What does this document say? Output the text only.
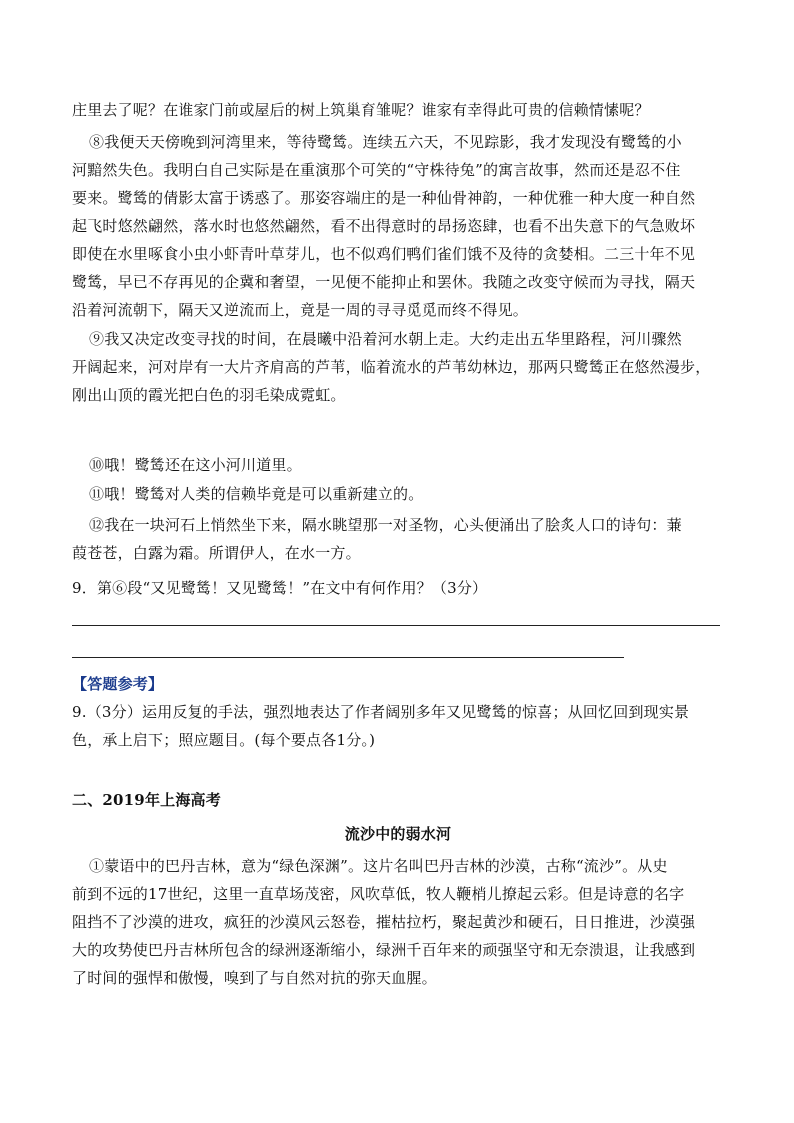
庄里去了呢？在谁家门前或屋后的树上筑巢育雏呢？谁家有幸得此可贵的信赖情愫呢？
⑧我便天天傍晚到河湾里来，等待鹭鸶。连续五六天，不见踪影，我才发现没有鹭鸶的小
河黯然失色。我明白自己实际是在重演那个可笑的“守株待兔”的寓言故事，然而还是忍不住
要来。鹭鸶的倩影太富于诱惑了。那姿容端庄的是一种仙骨神韵，一种优雅一种大度一种自然
起飞时悠然翩然，落水时也悠然翩然，看不出得意时的昂扬恣肆，也看不出失意下的气急败坏
即使在水里啄食小虫小虾青叶草芽儿，也不似鸡们鸭们雀们饿不及待的贪婪相。二三十年不见
鹭鸶，早已不存再见的企冀和奢望，一见便不能抑止和罢休。我随之改变守候而为寻找，隔天
沿着河流朝下，隔天又逆流而上，竟是一周的寻寻觅觅而终不得见。
⑨我又决定改变寻找的时间，在晨曦中沿着河水朝上走。大约走出五华里路程，河川骤然
开阔起来，河对岸有一大片齐肩高的芦苇，临着流水的芦苇幼林边，那两只鹭鸶正在悠然漫步，
刚出山顶的霞光把白色的羽毛染成霓虹。
⑩哦！鹭鸶还在这小河川道里。
⑪哦！鹭鸶对人类的信赖毕竟是可以重新建立的。
⑫我在一块河石上悄然坐下来，隔水眺望那一对圣物，心头便涌出了脍炙人口的诗句：蒹
葭苍苍，白露为霜。所谓伊人，在水一方。
9．第⑥段“又见鹭鸶！又见鹭鸶！”在文中有何作用？（3分）
【答题参考】
9.（3分）运用反复的手法，强烈地表达了作者阔别多年又见鹭鸶的惊喜；从回忆回到现实景
色，承上启下；照应题目。(每个要点各1分。)
二、2019年上海高考
流沙中的弱水河
①蒙语中的巴丹吉林，意为“绿色深渊”。这片名叫巴丹吉林的沙漠，古称“流沙”。从史
前到不远的17世纪，这里一直草场茂密，风吹草低，牧人鞭梢儿撩起云彩。但是诗意的名字
阻挡不了沙漠的进攻，疯狂的沙漠风云怒卷，摧枯拉朽，聚起黄沙和硬石，日日推进，沙漠强
大的攻势使巴丹吉林所包含的绿洲逐渐缩小，绿洲千百年来的顽强坚守和无奈溃退，让我感到
了时间的强悍和傲慢，嗅到了与自然对抗的弥天血腥。
